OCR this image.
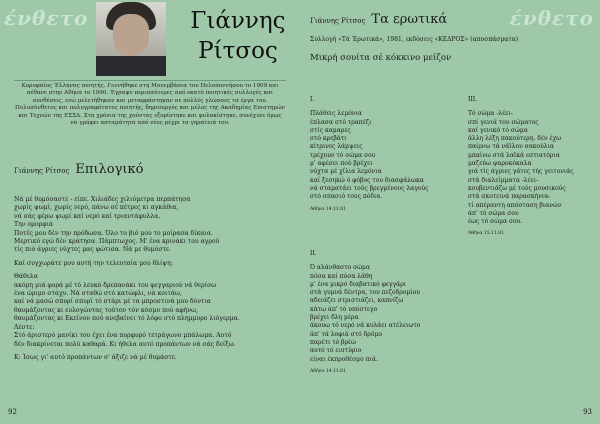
ένθετο	Γιάννης
Ρίτσος
Κορυφαίος Έλληνας ποιητής. Γεννήθηκε στη Μονεμβάσια του Πελοποννήσου το 1909 και πέθανε στην Αθήνα το 1990. Έγραψε περισσότερες από εκατό ποιητικές συλλογές και συνθέσεις, ενώ μελετήθηκαν και μεταφράστηκαν σε πολλές γλώσσες τα έργα του. Πολυσύνθετος και πολυγραφότατος ποιητής, δημιουργός και μέλος της Ακαδημίας Επιστημών και Τεχνών της ΕΣΣΔ. Στα χρόνια της χούντας εξορίστηκε και φυλακίστηκε, συνέχισε όμως να γράφει ασταμάτητα από νέος μέχρι τα γηρατειά του.
Γιάννης Ρίτσος Επιλογικό
Νά μέ θυμόσαστε - είπε. Χιλιάδες χιλιόμετρα περπάτησα
χωρίς ψωμί, χωρίς νερό, πάνω σέ πέτρες κι αγκάθια,
νά σάς φέρω ψωμί καί νερό καί τριαντάφυλλα.
Την ομορφιά
Ποτές μου δέν την πρόδωσα. Όλο το βιό μου το μοίρασα δίκαια.
Μερτικό εγώ δέν κράτησα. Πάμπτωχος. Μ' ένα κρινάκι του αγρού
τίς πιό άγριες νύχτες μας φώτισα. Νά με θυμόστε.
Καί συγχωράτε μου αυτή την τελευταία μου θλίψη:
Θάθελα
ακόμη μιά φορά μέ τό λευκό δρεπανάκι του φεγγαριού νά θερίσω
ένα ώριμο στάχυ. Νά σταθώ στό κατώφλι, νά κοιτάω,
καί νά μασώ σπυρί σπυρί τό στάρι μέ τα μπροστινά μου δόντια
θαυμάζοντας κι ευλογώντας τούτον τόν κόσμο πού αφήνω,
θαυμάζοντας κι Εκείνον πού ανεβαίνει τό λόφο στό πλημμυρο λιόγερμα.
Λέστε:
Στό άριστερό μανίκι του έχει ένα πορφυρό τετράγωνο μπάλωμα. Αυτό
δέν διακρίνεται πολύ καθαρά. Κι ήθελα αυτό προπάντων νά σάς δείξω.
Κ: Ίσως γι' αυτό προπάντων σ' άξιζε νά μέ θυμάστε.
92
ένθετο
Γιάννης Ρίτσος Τα ερωτικά
Συλλογή «Τά Έρωτικά», 1981, εκδόσεις «ΚΕΔΡΟΣ» (αποσπάσματα)
Μικρή σουίτα σέ κόκκινο μείζον
I.
Πλάθεις λεμόνια
έπλασα στό τραπέζι
στίς καμαρες
στό κρεβάτι
κίτρινες λάμψεις
τρέχουν τό σώμα σου
μ' αφέσει πού βρέχει
νύχτα μέ χίλια λεμόνια
καί ξεσηκώ ό φόβος του διασφάλωκα
νά σταματάει τούς βρεγμένους λαγούς
στό σπασιό τους πόδια.
Αθήνα 14.11.81
II.
Ό αλάνθαστο σώμα
πόσα καί πόσα λάθη
μ' ένα μικρό διαβατικό φεγγάρι
στά γυμνά δέντρα, του πεζοδρομίου
αδειάζει στριστιάζει, καπνίζω
κάτω άπ' τό υπόστεγο
βρέχει δλη μέρα
άκουω τό νερό νά κυλάει ατέλειωτο
άπ' τά λοφιά στό δρόμο
παρέτι τό βρέω
αυτό τό ειστύριο
είναι έκπροθέσμο πιά.
Αθήνα 14.11.81
III.
Τό σώμα -λέει-
σπί γενιά του σώματος
καί γενικό τό σώμα
άλλη λέξη πακούτερη. δέν έχω
παίρνω τά νάϊλον σακούλια
μπαίνω στά λαϊκά εστιατόρια
μαζεύω ψαροκόκαλα
γιά τίς άγριες γάτες τής γειτονιάς
στά διαλείμματα -λέει-
κουβεντιάζω μέ τούς μουσικούς
στά σκοτεινά παρασκήνια-
τί απέραντη απόσταση βιανών
άπ' τό σώμα σου
έως τό σώμα σου.
Αθήνα 15.11.81
93
